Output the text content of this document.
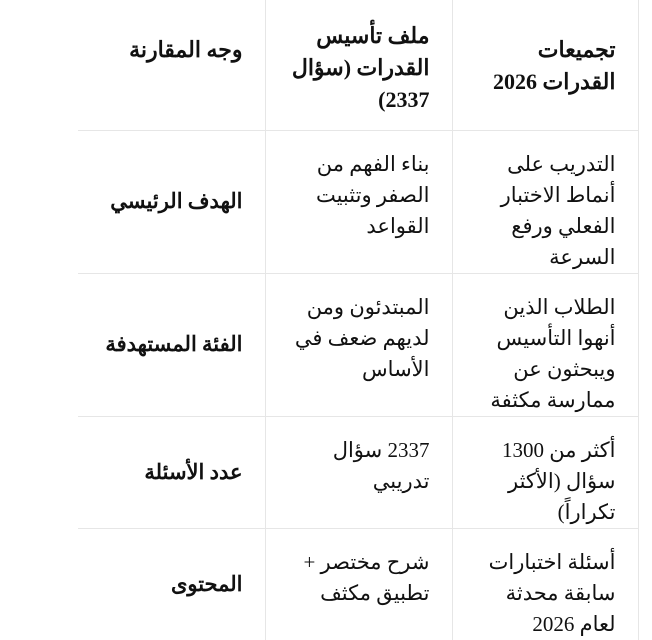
تجميعات القدرات 2026	ملف تأسيس القدرات (سؤال 2337)	وجه المقارنة
التدريب على أنماط الاختبار الفعلي ورفع السرعة	بناء الفهم من الصفر وتثبيت القواعد	الهدف الرئيسي
الطلاب الذين أنهوا التأسيس ويبحثون عن ممارسة مكثفة	المبتدئون ومن لديهم ضعف في الأساس	الفئة المستهدفة
أكثر من 1300 سؤال (الأكثر تكراراً)	2337 سؤال تدريبي	عدد الأسئلة
أسئلة اختبارات سابقة محدثة لعام 2026	شرح مختصر + تطبيق مكثف	المحتوى
